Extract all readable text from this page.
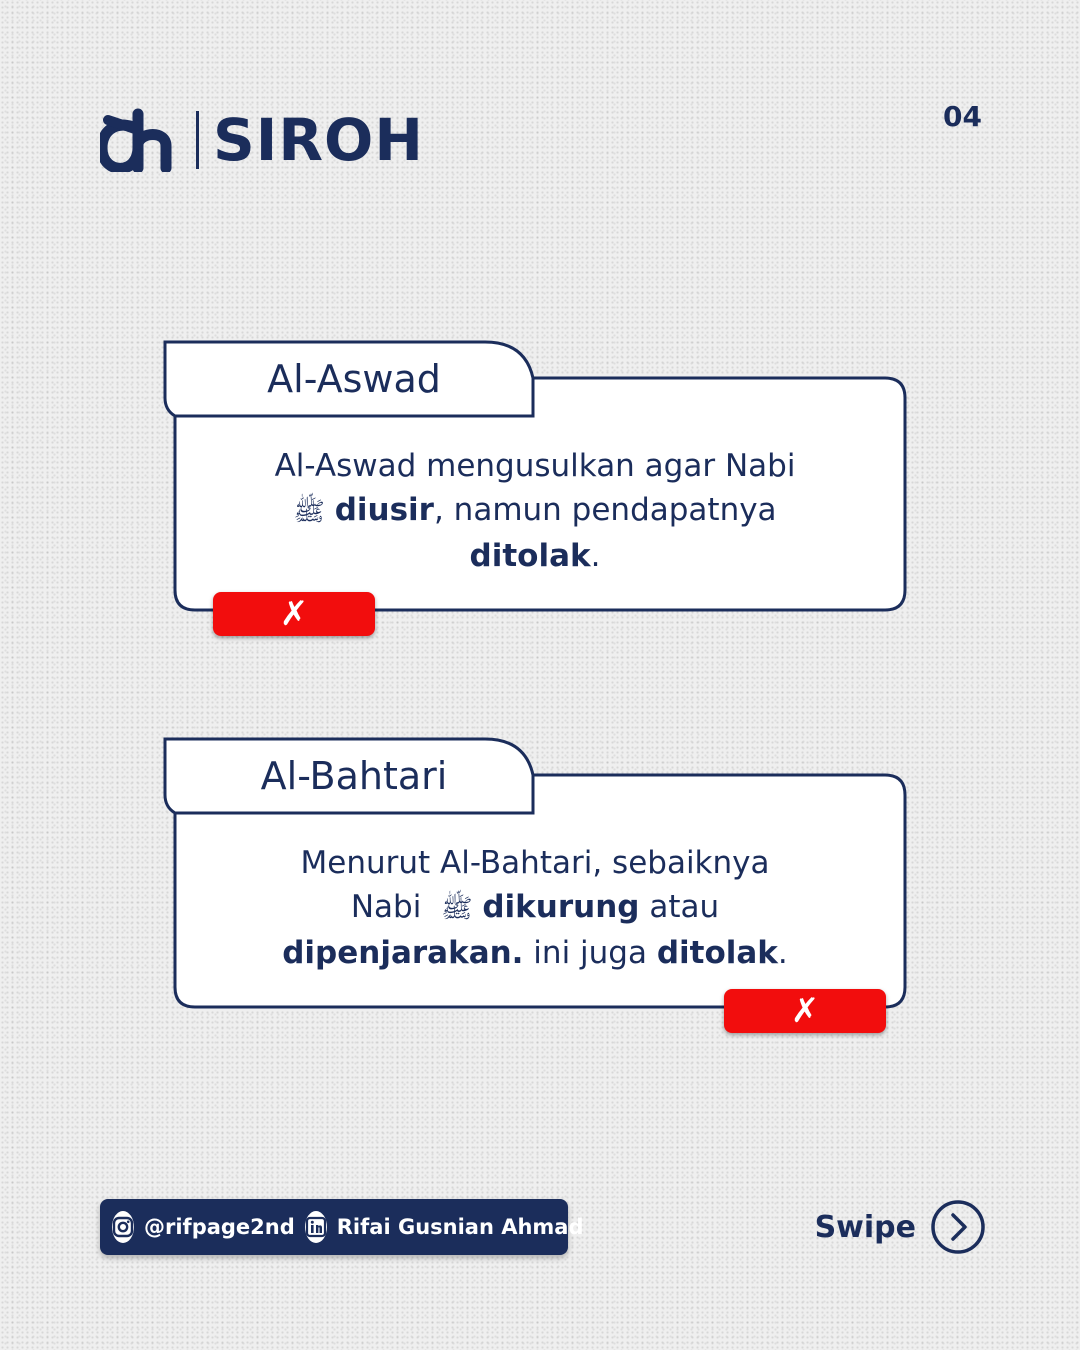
SIROH	04
Al-Aswad
Al-Aswad mengusulkan agar Nabi
ﷺ diusir, namun pendapatnya
ditolak.
✗
Al-Bahtari
Menurut Al-Bahtari, sebaiknya
Nabi ﷺ dikurung atau
dipenjarakan. ini juga ditolak.
✗
@rifpage2nd Rifai Gusnian Ahmad	Swipe
